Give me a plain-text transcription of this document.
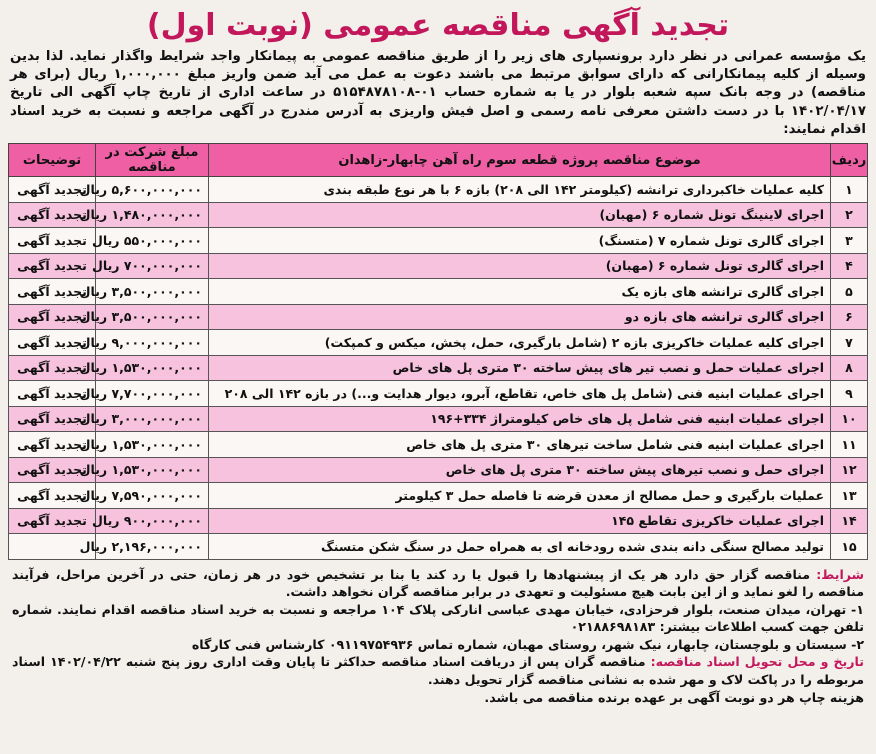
تجدید آگهی مناقصه عمومی (نوبت اول)
یک مؤسسه عمرانی در نظر دارد برونسپاری های زیر را از طریق مناقصه عمومی به پیمانکار واجد شرایط واگذار نماید. لذا بدین وسیله از کلیه پیمانکارانی که دارای سوابق مرتبط می باشند دعوت به عمل می آید ضمن واریز مبلغ ۱,۰۰۰,۰۰۰ ریال (برای هر مناقصه) در وجه بانک سپه شعبه بلوار در یا به شماره حساب ۰۱-۵۱۵۴۸۷۸۱۰۸ در ساعت اداری از تاریخ چاپ آگهی الی تاریخ ۱۴۰۲/۰۴/۱۷ با در دست داشتن معرفی نامه رسمی و اصل فیش واریزی به آدرس مندرج در آگهی مراجعه و نسبت به خرید اسناد اقدام نمایند:
ردیف	موضوع مناقصه پروژه قطعه سوم راه آهن چابهار-زاهدان	مبلغ شرکت در مناقصه	توضیحات
۱	کلیه عملیات خاکبرداری ترانشه (کیلومتر ۱۴۲ الی ۲۰۸) بازه ۶ با هر نوع طبقه بندی	۵,۶۰۰,۰۰۰,۰۰۰ ریال	تجدید آگهی
۲	اجرای لاینینگ تونل شماره ۶ (مهبان)	۱,۴۸۰,۰۰۰,۰۰۰ ریال	تجدید آگهی
۳	اجرای گالری تونل شماره ۷ (متسنگ)	۵۵۰,۰۰۰,۰۰۰ ریال	تجدید آگهی
۴	اجرای گالری تونل شماره ۶ (مهبان)	۷۰۰,۰۰۰,۰۰۰ ریال	تجدید آگهی
۵	اجرای گالری ترانشه های بازه یک	۳,۵۰۰,۰۰۰,۰۰۰ ریال	تجدید آگهی
۶	اجرای گالری ترانشه های بازه دو	۳,۵۰۰,۰۰۰,۰۰۰ ریال	تجدید آگهی
۷	اجرای کلیه عملیات خاکریزی بازه ۲ (شامل بارگیری، حمل، پخش، میکس و کمپکت)	۹,۰۰۰,۰۰۰,۰۰۰ ریال	تجدید آگهی
۸	اجرای عملیات حمل و نصب تیر های پیش ساخته ۳۰ متری پل های خاص	۱,۵۳۰,۰۰۰,۰۰۰ ریال	تجدید آگهی
۹	اجرای عملیات ابنیه فنی (شامل پل های خاص، تقاطع، آبرو، دیوار هدایت و...) در بازه ۱۴۲ الی ۲۰۸	۷,۷۰۰,۰۰۰,۰۰۰ ریال	تجدید آگهی
۱۰	اجرای عملیات ابنیه فنی شامل پل های خاص کیلومتراژ ۳۳۴+۱۹۶	۳,۰۰۰,۰۰۰,۰۰۰ ریال	تجدید آگهی
۱۱	اجرای عملیات ابنیه فنی شامل ساخت تیرهای ۳۰ متری پل های خاص	۱,۵۳۰,۰۰۰,۰۰۰ ریال	تجدید آگهی
۱۲	اجرای حمل و نصب تیرهای پیش ساخته ۳۰ متری پل های خاص	۱,۵۳۰,۰۰۰,۰۰۰ ریال	تجدید آگهی
۱۳	عملیات بارگیری و حمل مصالح از معدن قرضه تا فاصله حمل ۳ کیلومتر	۷,۵۹۰,۰۰۰,۰۰۰ ریال	تجدید آگهی
۱۴	اجرای عملیات خاکریزی تقاطع ۱۴۵	۹۰۰,۰۰۰,۰۰۰ ریال	تجدید آگهی
۱۵	تولید مصالح سنگی دانه بندی شده رودخانه ای به همراه حمل در سنگ شکن متسنگ	۲,۱۹۶,۰۰۰,۰۰۰ ریال	

شرایط: مناقصه گزار حق دارد هر یک از پیشنهادها را قبول یا رد کند یا بنا بر تشخیص خود در هر زمان، حتی در آخرین مراحل، فرآیند مناقصه را لغو نماید و از این بابت هیچ مسئولیت و تعهدی در برابر مناقصه گران نخواهد داشت.

۱- تهران، میدان صنعت، بلوار فرحزادی، خیابان مهدی عباسی انارکی پلاک ۱۰۴ مراجعه و نسبت به خرید اسناد مناقصه اقدام نمایند. شماره تلفن جهت کسب اطلاعات بیشتر: ۰۲۱۸۸۶۹۸۱۸۳

۲- سیستان و بلوچستان، چابهار، نیک شهر، روستای مهبان، شماره تماس ۰۹۱۱۹۷۵۴۹۳۶ کارشناس فنی کارگاه

تاریخ و محل تحویل اسناد مناقصه: مناقصه گران پس از دریافت اسناد مناقصه حداکثر تا پایان وقت اداری روز پنج شنبه ۱۴۰۲/۰۴/۲۲ اسناد مربوطه را در پاکت لاک و مهر شده به نشانی مناقصه گزار تحویل دهند.

هزینه چاپ هر دو نوبت آگهی بر عهده برنده مناقصه می باشد.
